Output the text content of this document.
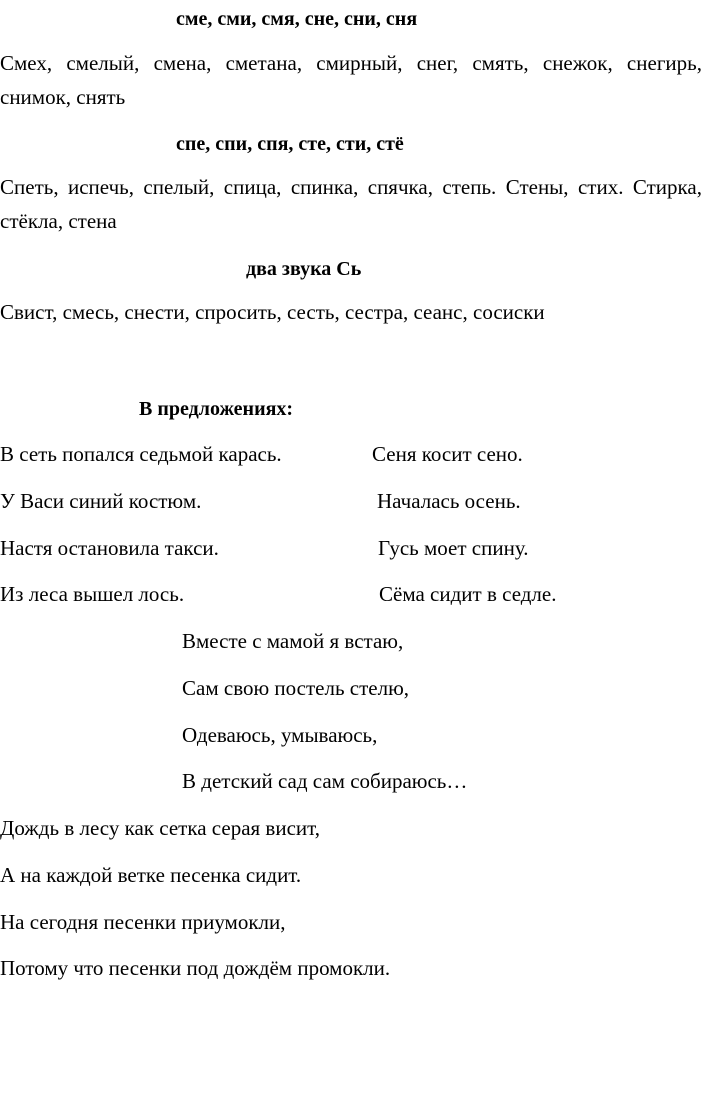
сме, сми, смя, сне, сни, сня
Смех, смелый, смена, сметана, смирный, снег, смять, снежок, снегирь, снимок, снять
спе, спи, спя, сте, сти, стё
Спеть, испечь, спелый, спица, спинка, спячка, степь. Стены, стих. Стирка, стёкла, стена
два звука Сь
Свист, смесь, снести, спросить, сесть, сестра, сеанс, сосиски
В предложениях:
В сеть попался седьмой карась.	Сеня косит сено.
У Васи синий костюм.	Началась осень.
Настя остановила такси.	Гусь моет спину.
Из леса вышел лось.	Сёма сидит в седле.
Вместе с мамой я встаю,
Сам свою постель стелю,
Одеваюсь, умываюсь,
В детский сад сам собираюсь…
Дождь в лесу как сетка серая висит,
А на каждой ветке песенка сидит.
На сегодня песенки приумокли,
Потому что песенки под дождём промокли.
